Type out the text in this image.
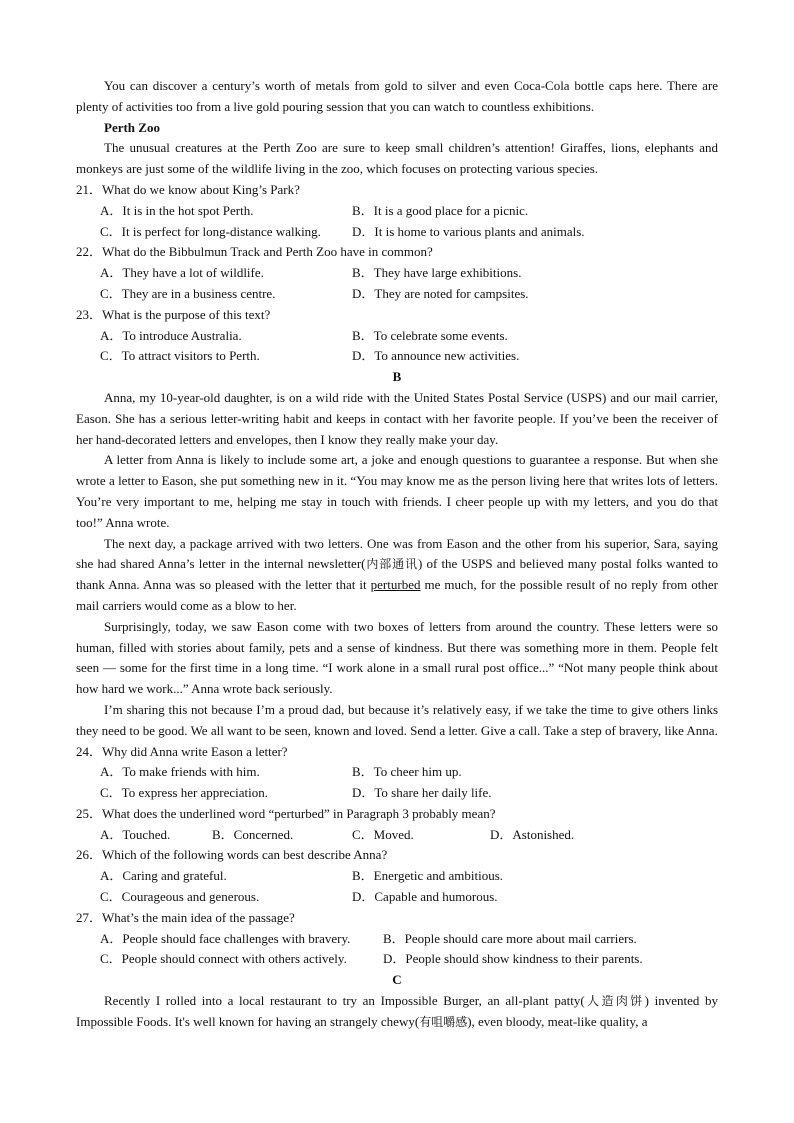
You can discover a century’s worth of metals from gold to silver and even Coca-Cola bottle caps here. There are plenty of activities too from a live gold pouring session that you can watch to countless exhibitions.

Perth Zoo

The unusual creatures at the Perth Zoo are sure to keep small children’s attention! Giraffes, lions, elephants and monkeys are just some of the wildlife living in the zoo, which focuses on protecting various species.

21．What do we know about King’s Park?

A．It is in the hot spot Perth.	B．It is a good place for a picnic.
C．It is perfect for long-distance walking.	D．It is home to various plants and animals.

22．What do the Bibbulmun Track and Perth Zoo have in common?

A．They have a lot of wildlife.	B．They have large exhibitions.
C．They are in a business centre.	D．They are noted for campsites.

23．What is the purpose of this text?

A．To introduce Australia.	B．To celebrate some events.
C．To attract visitors to Perth.	D．To announce new activities.

B

Anna, my 10-year-old daughter, is on a wild ride with the United States Postal Service (USPS) and our mail carrier, Eason. She has a serious letter-writing habit and keeps in contact with her favorite people. If you’ve been the receiver of her hand-decorated letters and envelopes, then I know they really make your day.

A letter from Anna is likely to include some art, a joke and enough questions to guarantee a response. But when she wrote a letter to Eason, she put something new in it. “You may know me as the person living here that writes lots of letters. You’re very important to me, helping me stay in touch with friends. I cheer people up with my letters, and you do that too!” Anna wrote.

The next day, a package arrived with two letters. One was from Eason and the other from his superior, Sara, saying she had shared Anna’s letter in the internal newsletter(内部通讯) of the USPS and believed many postal folks wanted to thank Anna. Anna was so pleased with the letter that it perturbed me much, for the possible result of no reply from other mail carriers would come as a blow to her.

Surprisingly, today, we saw Eason come with two boxes of letters from around the country. These letters were so human, filled with stories about family, pets and a sense of kindness. But there was something more in them. People felt seen — some for the first time in a long time. “I work alone in a small rural post office...” “Not many people think about how hard we work...” Anna wrote back seriously.

I’m sharing this not because I’m a proud dad, but because it’s relatively easy, if we take the time to give others links they need to be good. We all want to be seen, known and loved. Send a letter. Give a call. Take a step of bravery, like Anna.

24．Why did Anna write Eason a letter?

A．To make friends with him.	B．To cheer him up.
C．To express her appreciation.	D．To share her daily life.

25．What does the underlined word “perturbed” in Paragraph 3 probably mean?

A．Touched.	B．Concerned.	C．Moved.	D．Astonished.

26．Which of the following words can best describe Anna?

A．Caring and grateful.	B．Energetic and ambitious.
C．Courageous and generous.	D．Capable and humorous.

27．What’s the main idea of the passage?

A．People should face challenges with bravery.	B．People should care more about mail carriers.
C．People should connect with others actively.	D．People should show kindness to their parents.

C

Recently I rolled into a local restaurant to try an Impossible Burger, an all-plant patty(人造肉饼) invented by Impossible Foods. It's well known for having an strangely chewy(有咀嚼感), even bloody, meat-like quality, a
